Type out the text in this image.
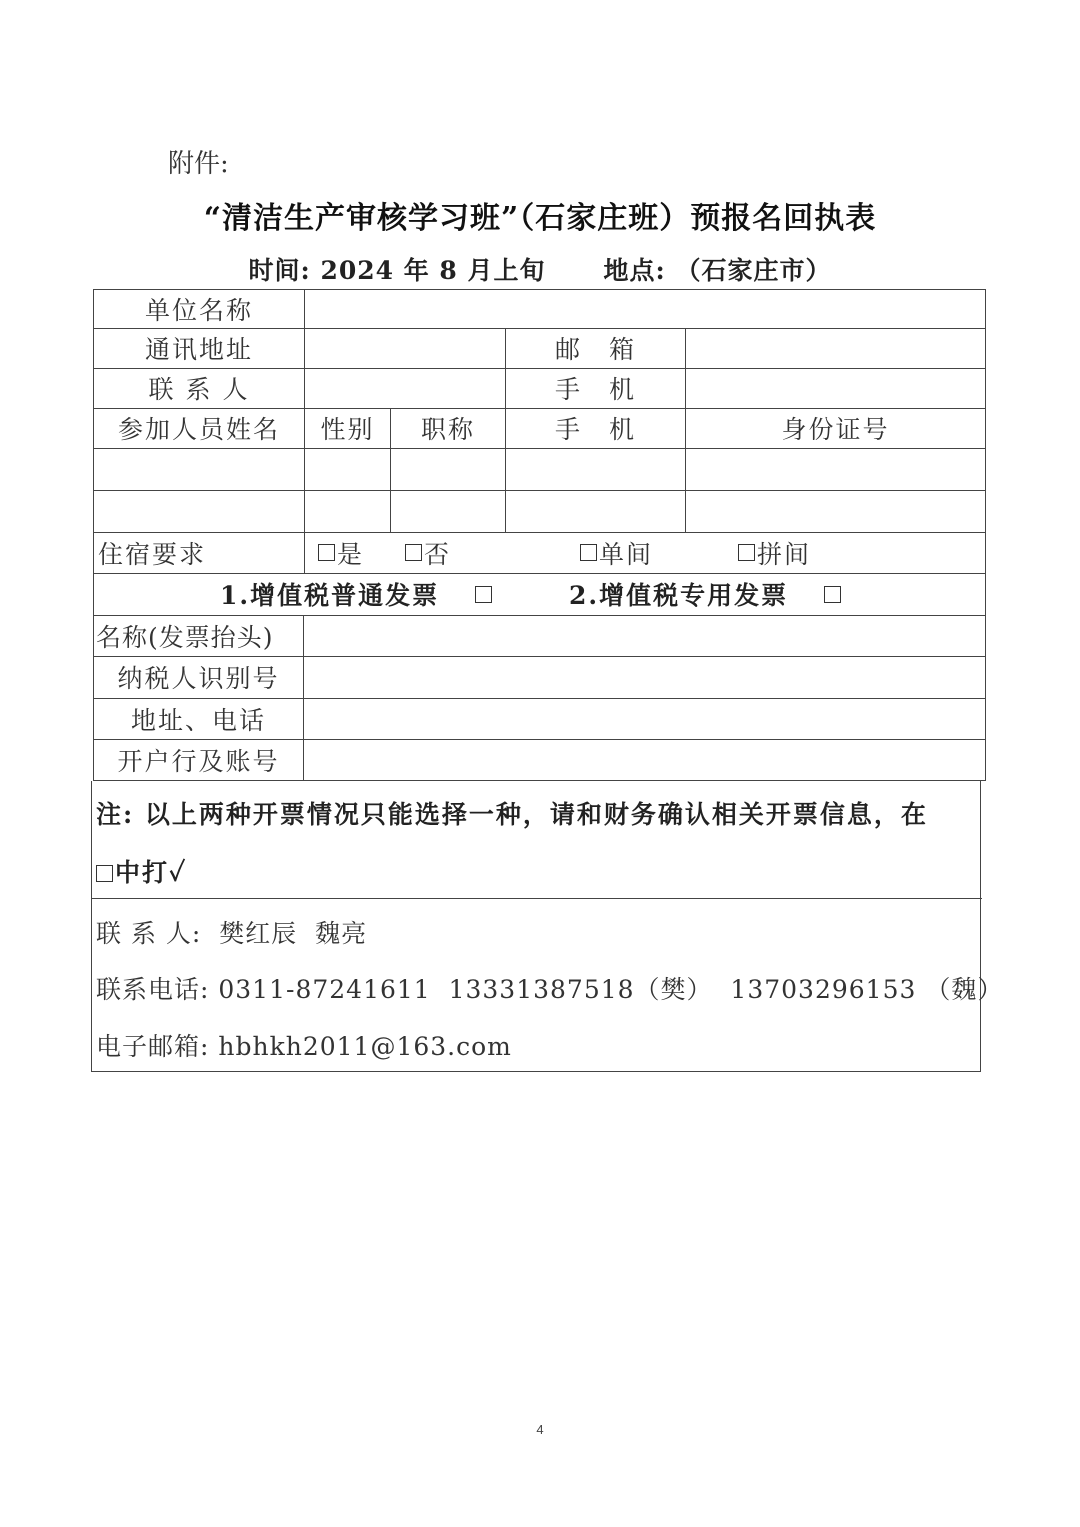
附件:
“清洁生产审核学习班”（石家庄班）预报名回执表
时间: 2024 年 8 月上旬 地点: （石家庄市）
单位名称
通讯地址	邮　箱
联 系 人	手　机
参加人员姓名	性别	职称	手　机	身份证号
住宿要求	是 否	单间	拼间
1.增值税普通发票	2.增值税专用发票
名称(发票抬头)
纳税人识别号
地址、电话
开户行及账号
注: 以上两种开票情况只能选择一种，请和财务确认相关开票信息，在
中打✓
联 系 人:  樊红辰  魏亮
联系电话: 0311-87241611  13331387518（樊）  13703296153 （魏）
电子邮箱: hbhkh2011@163.com
4
